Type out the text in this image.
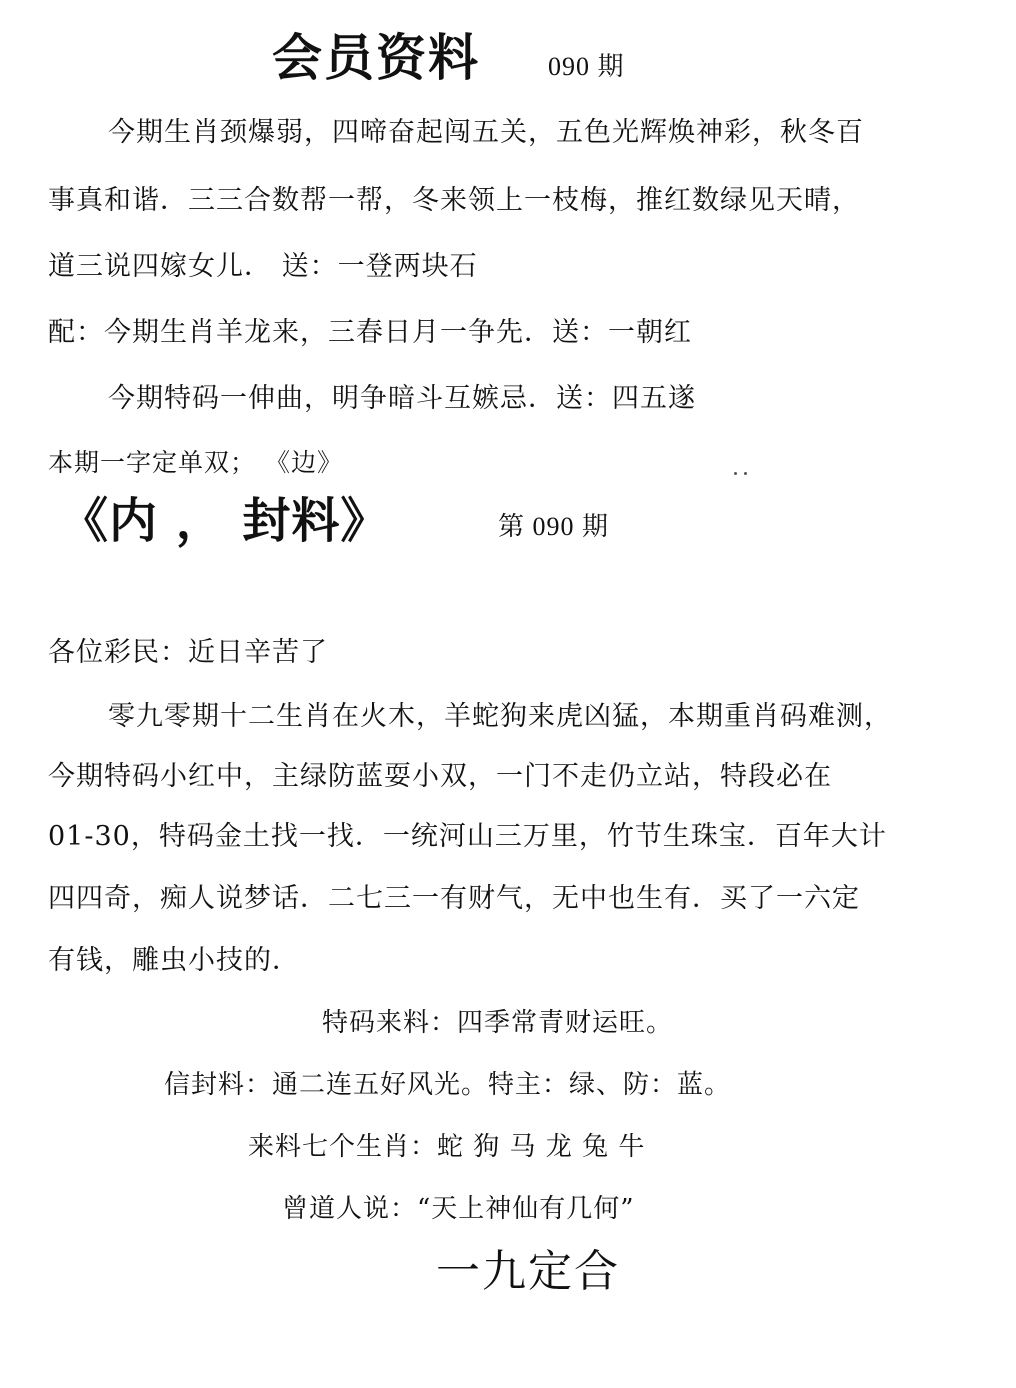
会员资料	090 期
今期生肖颈爆弱，四啼奋起闯五关，五色光辉焕神彩，秋冬百
事真和谐．三三合数帮一帮，冬来领上一枝梅，推红数绿见天晴，
道三说四嫁女儿． 送：一登两块石
配：今期生肖羊龙来，三春日月一争先．送：一朝红
今期特码一伸曲，明争暗斗互嫉忌．送：四五遂
本期一字定单双； 《边》
《内 ， 封料》	第 090 期
各位彩民：近日辛苦了
零九零期十二生肖在火木，羊蛇狗来虎凶猛，本期重肖码难测，
今期特码小红中，主绿防蓝耍小双，一门不走仍立站，特段必在
01-30，特码金土找一找．一统河山三万里，竹节生珠宝．百年大计
四四奇，痴人说梦话．二七三一有财气，无中也生有．买了一六定
有钱，雕虫小技的．
特码来料：四季常青财运旺。
信封料：通二连五好风光。特主：绿、防：蓝。
来料七个生肖：蛇 狗 马 龙 兔 牛
曾道人说：“天上神仙有几何”
一九定合
